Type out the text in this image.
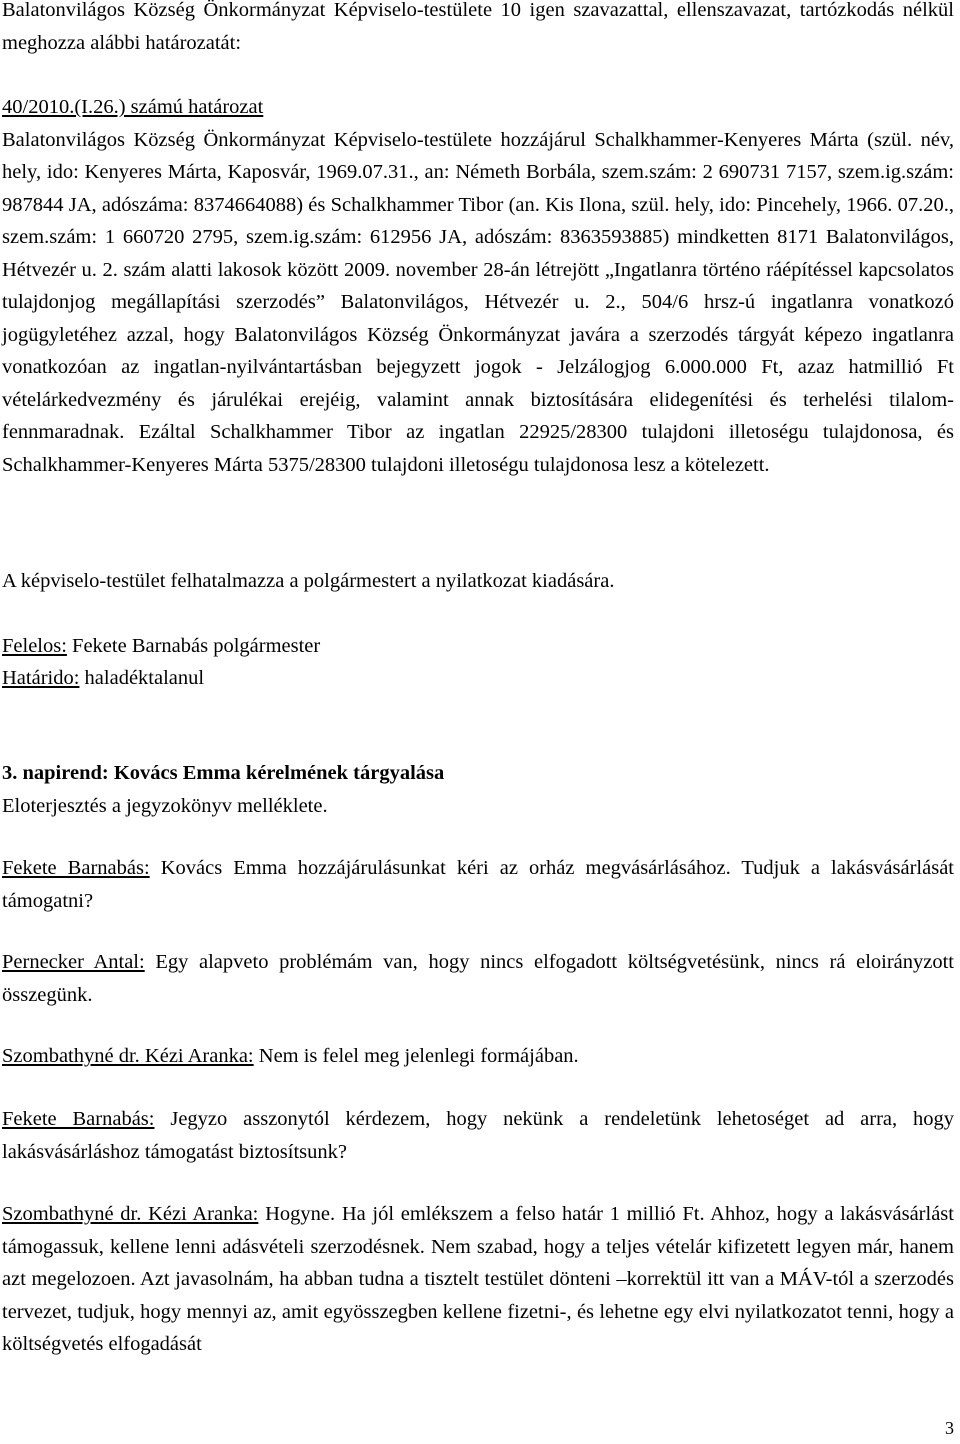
Balatonvilágos Község Önkormányzat Képviselo-testülete 10 igen szavazattal, ellenszavazat, tartózkodás nélkül meghozza alábbi határozatát:

40/2010.(I.26.) számú határozat

Balatonvilágos Község Önkormányzat Képviselo-testülete hozzájárul Schalkhammer-Kenyeres Márta (szül. név, hely, ido: Kenyeres Márta, Kaposvár, 1969.07.31., an: Németh Borbála, szem.szám: 2 690731 7157, szem.ig.szám: 987844 JA, adószáma: 8374664088) és Schalkhammer Tibor (an. Kis Ilona, szül. hely, ido: Pincehely, 1966. 07.20., szem.szám: 1 660720 2795, szem.ig.szám: 612956 JA, adószám: 8363593885) mindketten 8171 Balatonvilágos, Hétvezér u. 2. szám alatti lakosok között 2009. november 28-án létrejött „Ingatlanra történo ráépítéssel kapcsolatos tulajdonjog megállapítási szerzodés” Balatonvilágos, Hétvezér u. 2., 504/6 hrsz-ú ingatlanra vonatkozó jogügyletéhez azzal, hogy Balatonvilágos Község Önkormányzat javára a szerzodés tárgyát képezo ingatlanra vonatkozóan az ingatlan-nyilvántartásban bejegyzett jogok - Jelzálogjog 6.000.000 Ft, azaz hatmillió Ft vételárkedvezmény és járulékai erejéig, valamint annak biztosítására elidegenítési és terhelési tilalom- fennmaradnak. Ezáltal Schalkhammer Tibor az ingatlan 22925/28300 tulajdoni illetoségu tulajdonosa, és Schalkhammer-Kenyeres Márta 5375/28300 tulajdoni illetoségu tulajdonosa lesz a kötelezett.

A képviselo-testület felhatalmazza a polgármestert a nyilatkozat kiadására.

Felelos: Fekete Barnabás polgármester

Határido: haladéktalanul

3. napirend: Kovács Emma kérelmének tárgyalása

Eloterjesztés a jegyzokönyv melléklete.

Fekete Barnabás: Kovács Emma hozzájárulásunkat kéri az orház megvásárlásához. Tudjuk a lakásvásárlását támogatni?

Pernecker Antal: Egy alapveto problémám van, hogy nincs elfogadott költségvetésünk, nincs rá eloirányzott összegünk.

Szombathyné dr. Kézi Aranka: Nem is felel meg jelenlegi formájában.

Fekete Barnabás: Jegyzo asszonytól kérdezem, hogy nekünk a rendeletünk lehetoséget ad arra, hogy lakásvásárláshoz támogatást biztosítsunk?

Szombathyné dr. Kézi Aranka: Hogyne. Ha jól emlékszem a felso határ 1 millió Ft. Ahhoz, hogy a lakásvásárlást támogassuk, kellene lenni adásvételi szerzodésnek. Nem szabad, hogy a teljes vételár kifizetett legyen már, hanem azt megelozoen. Azt javasolnám, ha abban tudna a tisztelt testület dönteni –korrektül itt van a MÁV-tól a szerzodés tervezet, tudjuk, hogy mennyi az, amit egyösszegben kellene fizetni-, és lehetne egy elvi nyilatkozatot tenni, hogy a költségvetés elfogadását

3
